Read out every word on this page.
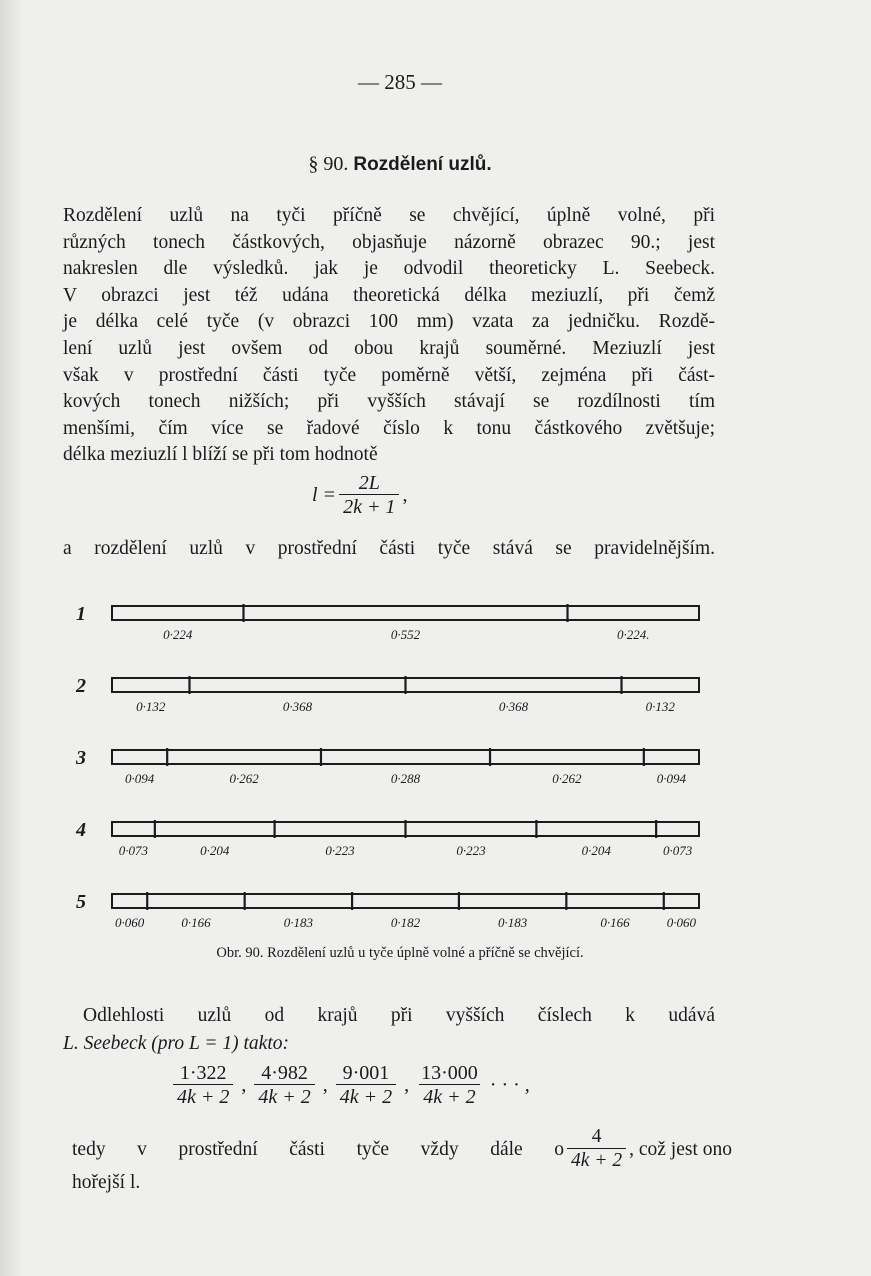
— 285 —
§ 90. Rozdělení uzlů.
Rozdělení uzlů na tyči příčně se chvějící, úplně volné, při
různých tonech částkových, objasňuje názorně obrazec 90.; jest
nakreslen dle výsledků. jak je odvodil theoreticky L. Seebeck.
V obrazci jest též udána theoretická délka meziuzlí, při čemž
je délka celé tyče (v obrazci 100 mm) vzata za jedničku. Rozdě-
lení uzlů jest ovšem od obou krajů souměrné. Meziuzlí jest
však v prostřední části tyče poměrně větší, zejména při část-
kových tonech nižších; při vyšších stávají se rozdílnosti tím
menšími, čím více se řadové číslo k tonu částkového zvětšuje;
délka meziuzlí l blíží se při tom hodnotě
$l = \frac{2L}{2k + 1}$ ,
a rozdělení uzlů v prostřední části tyče stává se pravidelnějším.
1
0·224	0·552	0·224.
2
0·132	0·368	0·368	0·132
3
0·094	0·262	0·288	0·262	0·094
4
0·073	0·204	0·223	0·223	0·204	0·073
5
0·060	0·166	0·183	0·182	0·183	0·166	0·060
Obr. 90. Rozdělení uzlů u tyče úplně volné a příčně se chvějící.
Odlehlosti uzlů od krajů při vyšších číslech k udává
L. Seebeck (pro L = 1) takto:
$\frac{1\cdot 322}{4k + 2}$ , $\frac{4\cdot 982}{4k + 2}$ , $\frac{9\cdot 001}{4k + 2}$ , $\frac{13\cdot 000}{4k + 2}$ · · · ,
tedy v prostřední části tyče vždy dále o $\frac{4}{4k + 2}$ , což jest ono
hořejší l.
